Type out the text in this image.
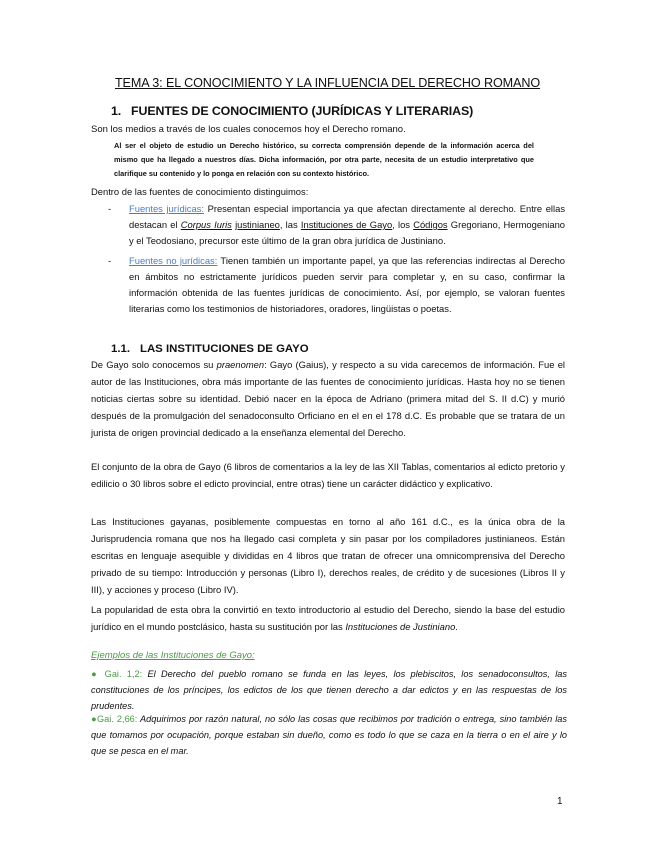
TEMA 3: EL CONOCIMIENTO Y LA INFLUENCIA DEL DERECHO ROMANO
1. FUENTES DE CONOCIMIENTO (JURÍDICAS Y LITERARIAS)
Son los medios a través de los cuales conocemos hoy el Derecho romano.
Al ser el objeto de estudio un Derecho histórico, su correcta comprensión depende de la información acerca del mismo que ha llegado a nuestros días. Dicha información, por otra parte, necesita de un estudio interpretativo que clarifique su contenido y lo ponga en relación con su contexto histórico.
Dentro de las fuentes de conocimiento distinguimos:
- Fuentes jurídicas: Presentan especial importancia ya que afectan directamente al derecho. Entre ellas destacan el Corpus Iuris justinianeo, las Instituciones de Gayo, los Códigos Gregoriano, Hermogeniano y el Teodosiano, precursor este último de la gran obra jurídica de Justiniano.
- Fuentes no jurídicas: Tienen también un importante papel, ya que las referencias indirectas al Derecho en ámbitos no estrictamente jurídicos pueden servir para completar y, en su caso, confirmar la información obtenida de las fuentes jurídicas de conocimiento. Así, por ejemplo, se valoran fuentes literarias como los testimonios de historiadores, oradores, lingüistas o poetas.
1.1. LAS INSTITUCIONES DE GAYO
De Gayo solo conocemos su praenomen: Gayo (Gaius), y respecto a su vida carecemos de información. Fue el autor de las Instituciones, obra más importante de las fuentes de conocimiento jurídicas. Hasta hoy no se tienen noticias ciertas sobre su identidad. Debió nacer en la época de Adriano (primera mitad del S. II d.C) y murió después de la promulgación del senadoconsulto Orficiano en el en el 178 d.C. Es probable que se tratara de un jurista de origen provincial dedicado a la enseñanza elemental del Derecho.
El conjunto de la obra de Gayo (6 libros de comentarios a la ley de las XII Tablas, comentarios al edicto pretorio y edilicio o 30 libros sobre el edicto provincial, entre otras) tiene un carácter didáctico y explicativo.
Las Instituciones gayanas, posiblemente compuestas en torno al año 161 d.C., es la única obra de la Jurisprudencia romana que nos ha llegado casi completa y sin pasar por los compiladores justinianeos. Están escritas en lenguaje asequible y divididas en 4 libros que tratan de ofrecer una omnicomprensiva del Derecho privado de su tiempo: Introducción y personas (Libro I), derechos reales, de crédito y de sucesiones (Libros II y III), y acciones y proceso (Libro IV).
La popularidad de esta obra la convirtió en texto introductorio al estudio del Derecho, siendo la base del estudio jurídico en el mundo postclásico, hasta su sustitución por las Instituciones de Justiniano.
Ejemplos de las Instituciones de Gayo:
● Gai. 1,2: El Derecho del pueblo romano se funda en las leyes, los plebiscitos, los senadoconsultos, las constituciones de los príncipes, los edictos de los que tienen derecho a dar edictos y en las respuestas de los prudentes.
●Gai. 2,66: Adquirimos por razón natural, no sólo las cosas que recibimos por tradición o entrega, sino también las que tomamos por ocupación, porque estaban sin dueño, como es todo lo que se caza en la tierra o en el aire y lo que se pesca en el mar.
1
